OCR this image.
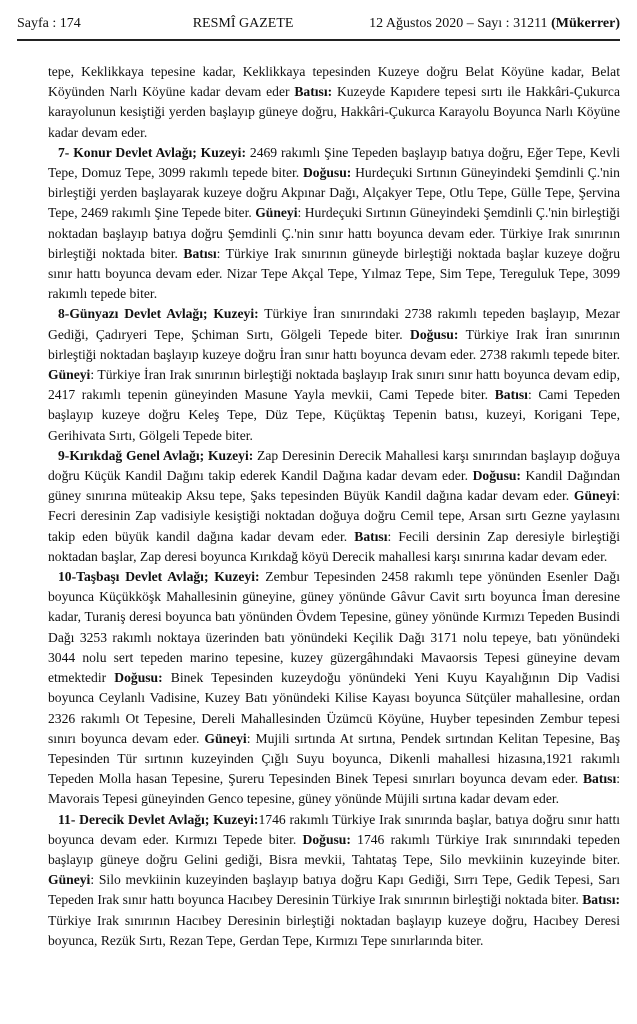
Sayfa : 174	RESMÎ GAZETE	12 Ağustos 2020 – Sayı : 31211 (Mükerrer)

tepe, Keklikkaya tepesine kadar, Keklikkaya tepesinden Kuzeye doğru Belat Köyüne kadar, Belat Köyünden Narlı Köyüne kadar devam eder Batısı: Kuzeyde Kapıdere tepesi sırtı ile Hakkâri-Çukurca karayolunun kesiştiği yerden başlayıp güneye doğru, Hakkâri-Çukurca Karayolu Boyunca Narlı Köyüne kadar devam eder.

7- Konur Devlet Avlağı; Kuzeyi: 2469 rakımlı Şine Tepeden başlayıp batıya doğru, Eğer Tepe, Kevli Tepe, Domuz Tepe, 3099 rakımlı tepede biter. Doğusu: Hurdeçuki Sırtının Güneyindeki Şemdinli Ç.'nin birleştiği yerden başlayarak kuzeye doğru Akpınar Dağı, Alçakyer Tepe, Otlu Tepe, Gülle Tepe, Şervina Tepe, 2469 rakımlı Şine Tepede biter. Güneyi: Hurdeçuki Sırtının Güneyindeki Şemdinli Ç.'nin birleştiği noktadan başlayıp batıya doğru Şemdinli Ç.'nin sınır hattı boyunca devam eder. Türkiye Irak sınırının birleştiği noktada biter. Batısı: Türkiye Irak sınırının güneyde birleştiği noktada başlar kuzeye doğru sınır hattı boyunca devam eder. Nizar Tepe Akçal Tepe, Yılmaz Tepe, Sim Tepe, Tereguluk Tepe, 3099 rakımlı tepede biter.

8-Günyazı Devlet Avlağı; Kuzeyi: Türkiye İran sınırındaki 2738 rakımlı tepeden başlayıp, Mezar Gediği, Çadıryeri Tepe, Şchiman Sırtı, Gölgeli Tepede biter. Doğusu: Türkiye Irak İran sınırının birleştiği noktadan başlayıp kuzeye doğru İran sınır hattı boyunca devam eder. 2738 rakımlı tepede biter. Güneyi: Türkiye İran Irak sınırının birleştiği noktada başlayıp Irak sınırı sınır hattı boyunca devam edip, 2417 rakımlı tepenin güneyinden Masune Yayla mevkii, Cami Tepede biter. Batısı: Cami Tepeden başlayıp kuzeye doğru Keleş Tepe, Düz Tepe, Küçüktaş Tepenin batısı, kuzeyi, Korigani Tepe, Gerihivata Sırtı, Gölgeli Tepede biter.

9-Kırıkdağ Genel Avlağı; Kuzeyi: Zap Deresinin Derecik Mahallesi karşı sınırından başlayıp doğuya doğru Küçük Kandil Dağını takip ederek Kandil Dağına kadar devam eder. Doğusu: Kandil Dağından güney sınırına müteakip Aksu tepe, Şaks tepesinden Büyük Kandil dağına kadar devam eder. Güneyi: Fecri deresinin Zap vadisiyle kesiştiği noktadan doğuya doğru Cemil tepe, Arsan sırtı Gezne yaylasını takip eden büyük kandil dağına kadar devam eder. Batısı: Fecili dersinin Zap deresiyle birleştiği noktadan başlar, Zap deresi boyunca Kırıkdağ köyü Derecik mahallesi karşı sınırına kadar devam eder.

10-Taşbaşı Devlet Avlağı; Kuzeyi: Zembur Tepesinden 2458 rakımlı tepe yönünden Esenler Dağı boyunca Küçükköşk Mahallesinin güneyine, güney yönünde Gâvur Cavit sırtı boyunca İman deresine kadar, Turaniş deresi boyunca batı yönünden Övdem Tepesine, güney yönünde Kırmızı Tepeden Busindi Dağı 3253 rakımlı noktaya üzerinden batı yönündeki Keçilik Dağı 3171 nolu tepeye, batı yönündeki 3044 nolu sert tepeden marino tepesine, kuzey güzergâhındaki Mavaorsis Tepesi güneyine devam etmektedir Doğusu: Binek Tepesinden kuzeydoğu yönündeki Yeni Kuyu Kayalığının Dip Vadisi boyunca Ceylanlı Vadisine, Kuzey Batı yönündeki Kilise Kayası boyunca Sütçüler mahallesine, ordan 2326 rakımlı Ot Tepesine, Dereli Mahallesinden Üzümcü Köyüne, Huyber tepesinden Zembur tepesi sınırı boyunca devam eder. Güneyi: Mujili sırtında At sırtına, Pendek sırtından Kelitan Tepesine, Baş Tepesinden Tür sırtının kuzeyinden Çığlı Suyu boyunca, Dikenli mahallesi hizasına,1921 rakımlı Tepeden Molla hasan Tepesine, Şureru Tepesinden Binek Tepesi sınırları boyunca devam eder. Batısı: Mavorais Tepesi güneyinden Genco tepesine, güney yönünde Müjili sırtına kadar devam eder.

11- Derecik Devlet Avlağı; Kuzeyi:1746 rakımlı Türkiye Irak sınırında başlar, batıya doğru sınır hattı boyunca devam eder. Kırmızı Tepede biter. Doğusu: 1746 rakımlı Türkiye Irak sınırındaki tepeden başlayıp güneye doğru Gelini gediği, Bisra mevkii, Tahtataş Tepe, Silo mevkiinin kuzeyinde biter. Güneyi: Silo mevkiinin kuzeyinden başlayıp batıya doğru Kapı Gediği, Sırrı Tepe, Gedik Tepesi, Sarı Tepeden Irak sınır hattı boyunca Hacıbey Deresinin Türkiye Irak sınırının birleştiği noktada biter. Batısı: Türkiye Irak sınırının Hacıbey Deresinin birleştiği noktadan başlayıp kuzeye doğru, Hacıbey Deresi boyunca, Rezük Sırtı, Rezan Tepe, Gerdan Tepe, Kırmızı Tepe sınırlarında biter.
